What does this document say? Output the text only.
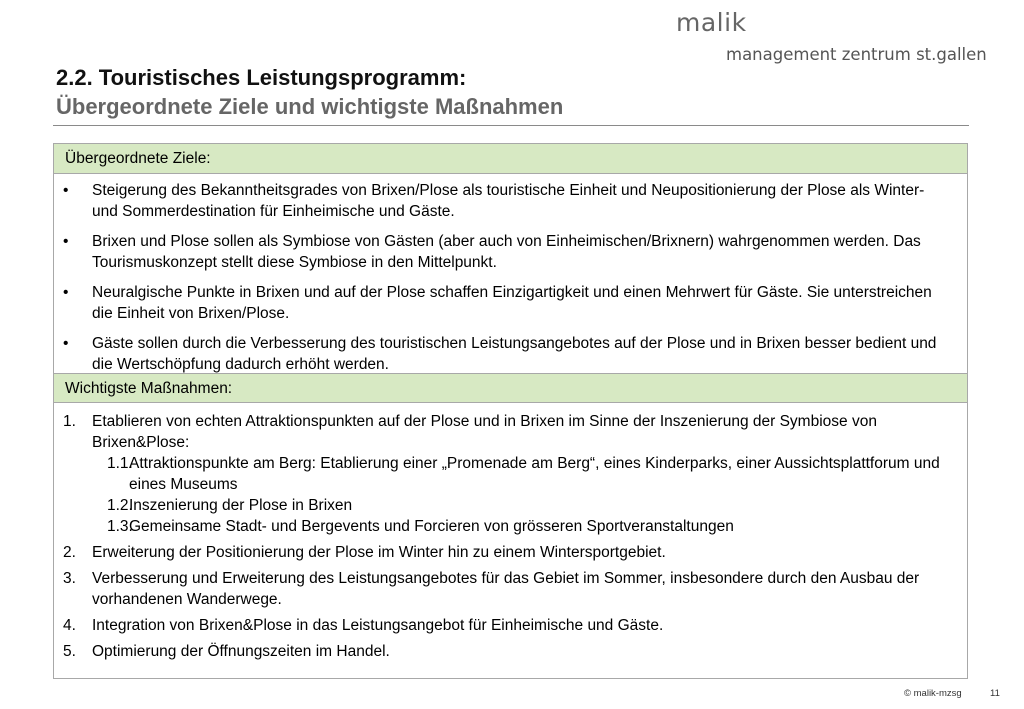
malik
management zentrum st.gallen
2.2. Touristisches Leistungsprogramm:
Übergeordnete Ziele und wichtigste Maßnahmen
Übergeordnete Ziele:
• Steigerung des Bekanntheitsgrades von Brixen/Plose als touristische Einheit und Neupositionierung der Plose als Winter- und Sommerdestination für Einheimische und Gäste.
• Brixen und Plose sollen als Symbiose von Gästen (aber auch von Einheimischen/Brixnern) wahrgenommen werden. Das Tourismuskonzept stellt diese Symbiose in den Mittelpunkt.
• Neuralgische Punkte in Brixen und auf der Plose schaffen Einzigartigkeit und einen Mehrwert für Gäste. Sie unterstreichen die Einheit von Brixen/Plose.
• Gäste sollen durch die Verbesserung des touristischen Leistungsangebotes auf der Plose und in Brixen besser bedient und die Wertschöpfung dadurch erhöht werden.
Wichtigste Maßnahmen:
1. Etablieren von echten Attraktionspunkten auf der Plose und in Brixen im Sinne der Inszenierung der Symbiose von Brixen&Plose:
1.1.
Attraktionspunkte am Berg: Etablierung einer „Promenade am Berg“, eines Kinderparks, einer Aussichtsplattforum und eines Museums
1.2.
Inszenierung der Plose in Brixen
1.3.
Gemeinsame Stadt- und Bergevents und Forcieren von grösseren Sportveranstaltungen
2. Erweiterung der Positionierung der Plose im Winter hin zu einem Wintersportgebiet.
3. Verbesserung und Erweiterung des Leistungsangebotes für das Gebiet im Sommer, insbesondere durch den Ausbau der vorhandenen Wanderwege.
4. Integration von Brixen&Plose in das Leistungsangebot für Einheimische und Gäste.
5. Optimierung der Öffnungszeiten im Handel.
© malik-mzsg	11
